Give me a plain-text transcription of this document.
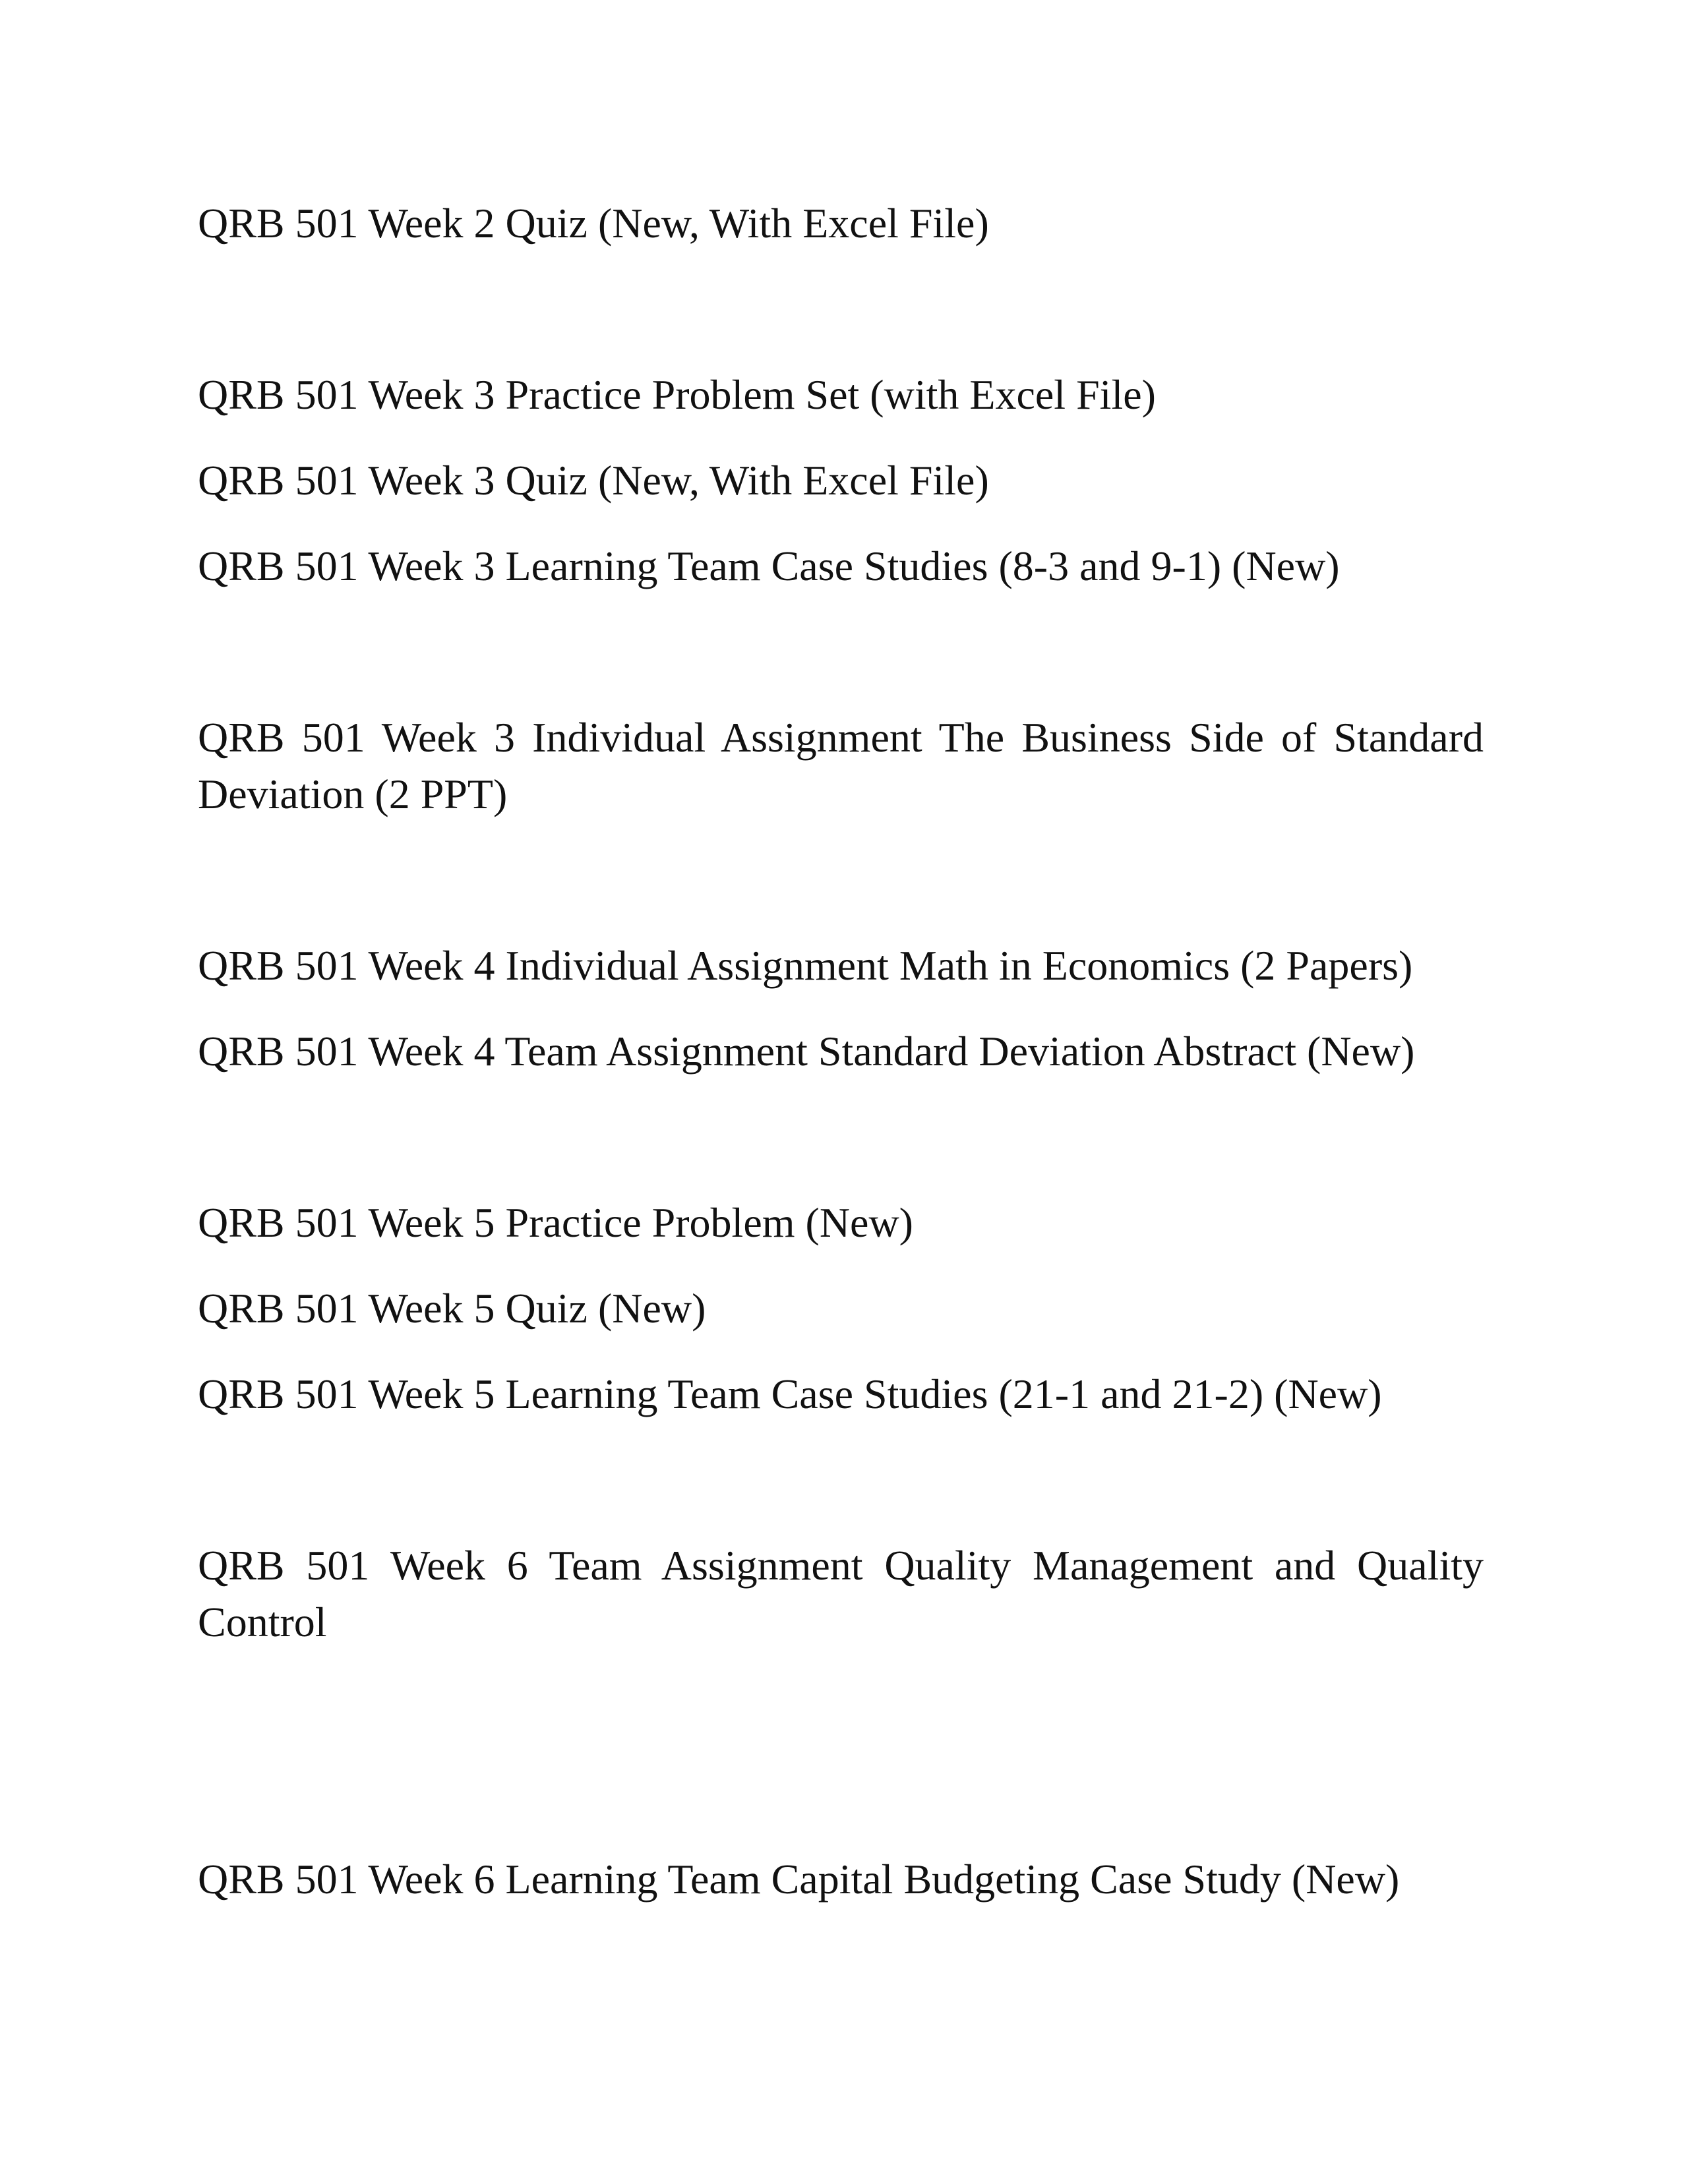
QRB 501 Week 2 Quiz (New, With Excel File)
QRB 501 Week 3 Practice Problem Set (with Excel File)
QRB 501 Week 3 Quiz (New, With Excel File)
QRB 501 Week 3 Learning Team Case Studies (8-3 and 9-1) (New)
QRB 501 Week 3 Individual Assignment The Business Side of Standard Deviation (2 PPT)
QRB 501 Week 4 Individual Assignment Math in Economics (2 Papers)
QRB 501 Week 4 Team Assignment Standard Deviation Abstract (New)
QRB 501 Week 5 Practice Problem (New)
QRB 501 Week 5 Quiz (New)
QRB 501 Week 5 Learning Team Case Studies (21-1 and 21-2) (New)
QRB 501 Week 6 Team Assignment Quality Management and Quality Control
QRB 501 Week 6 Learning Team Capital Budgeting Case Study (New)
